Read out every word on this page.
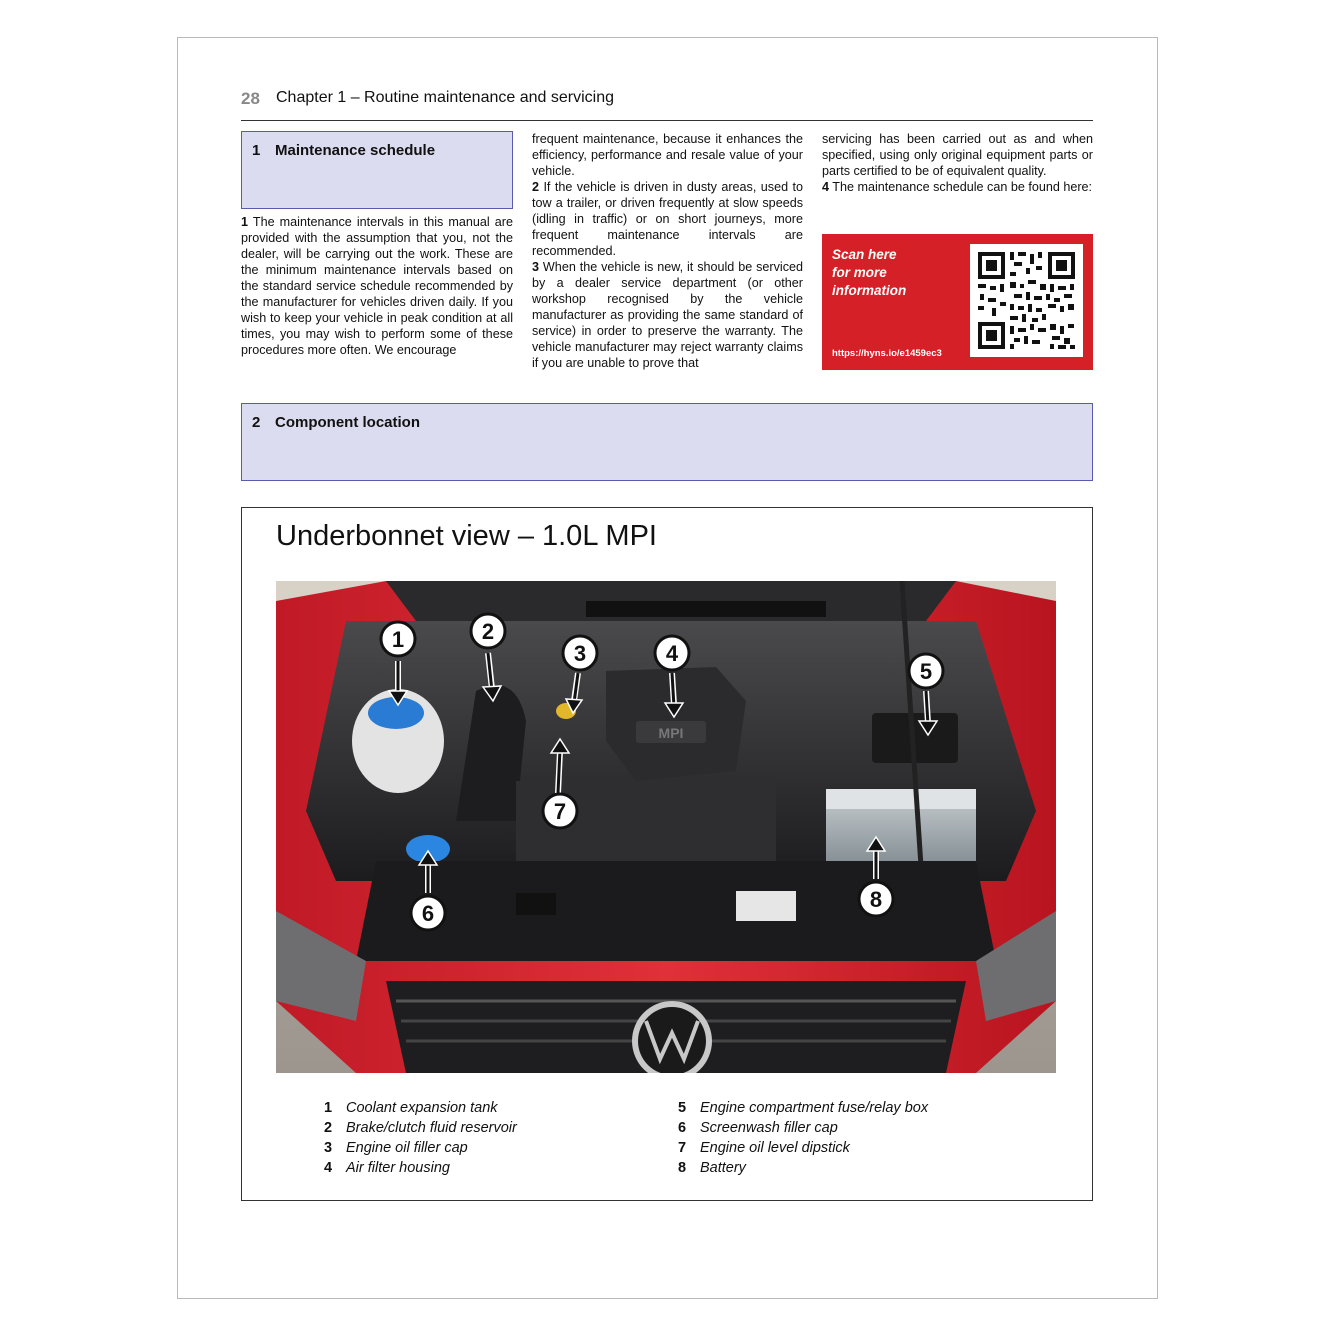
28 Chapter 1 – Routine maintenance and servicing
1 Maintenance schedule

1 The maintenance intervals in this manual are provided with the assumption that you, not the dealer, will be carrying out the work. These are the minimum maintenance intervals based on the standard service schedule recommended by the manufacturer for vehicles driven daily. If you wish to keep your vehicle in peak condition at all times, you may wish to perform some of these procedures more often. We encourage

frequent maintenance, because it enhances the efficiency, performance and resale value of your vehicle.

2 If the vehicle is driven in dusty areas, used to tow a trailer, or driven frequently at slow speeds (idling in traffic) or on short journeys, more frequent maintenance intervals are recommended.

3 When the vehicle is new, it should be serviced by a dealer service department (or other workshop recognised by the vehicle manufacturer as providing the same standard of service) in order to preserve the warranty. The vehicle manufacturer may reject warranty claims if you are unable to prove that

servicing has been carried out as and when specified, using only original equipment parts or parts certified to be of equivalent quality.

4 The maintenance schedule can be found here:

Scan here
for more
information
https://hyns.io/e1459ec3
2 Component location
Underbonnet view – 1.0L MPI
MPI
1	2
3	4
5
6
7
8
1 Coolant expansion tank
2 Brake/clutch fluid reservoir
3 Engine oil filler cap
4 Air filter housing
5 Engine compartment fuse/relay box
6 Screenwash filler cap
7 Engine oil level dipstick
8 Battery
